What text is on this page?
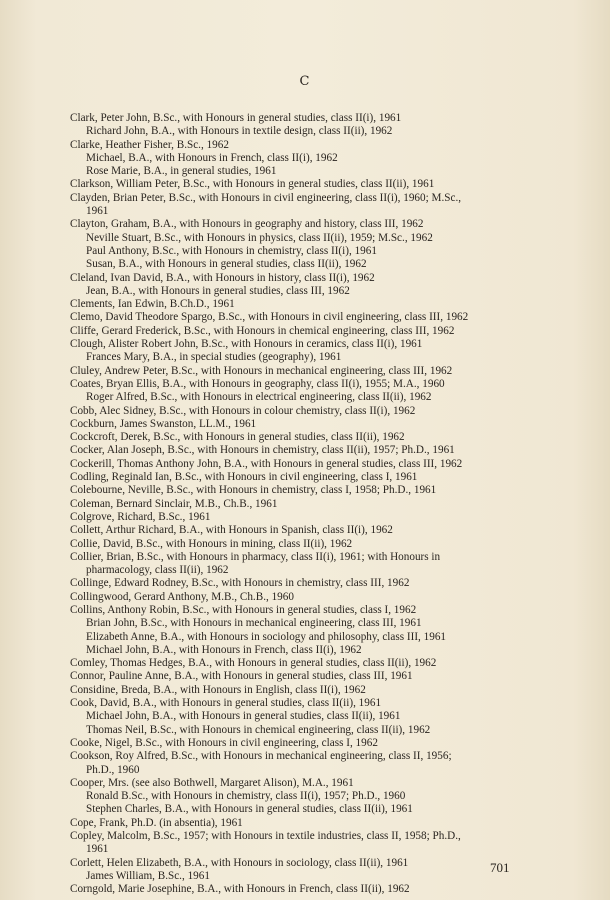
C
Clark, Peter John, B.Sc., with Honours in general studies, class II(i), 1961
Richard John, B.A., with Honours in textile design, class II(ii), 1962
Clarke, Heather Fisher, B.Sc., 1962
Michael, B.A., with Honours in French, class II(i), 1962
Rose Marie, B.A., in general studies, 1961
Clarkson, William Peter, B.Sc., with Honours in general studies, class II(ii), 1961
Clayden, Brian Peter, B.Sc., with Honours in civil engineering, class II(i), 1960; M.Sc.,
1961
Clayton, Graham, B.A., with Honours in geography and history, class III, 1962
Neville Stuart, B.Sc., with Honours in physics, class II(ii), 1959; M.Sc., 1962
Paul Anthony, B.Sc., with Honours in chemistry, class II(i), 1961
Susan, B.A., with Honours in general studies, class II(ii), 1962
Cleland, Ivan David, B.A., with Honours in history, class II(i), 1962
Jean, B.A., with Honours in general studies, class III, 1962
Clements, Ian Edwin, B.Ch.D., 1961
Clemo, David Theodore Spargo, B.Sc., with Honours in civil engineering, class III, 1962
Cliffe, Gerard Frederick, B.Sc., with Honours in chemical engineering, class III, 1962
Clough, Alister Robert John, B.Sc., with Honours in ceramics, class II(i), 1961
Frances Mary, B.A., in special studies (geography), 1961
Cluley, Andrew Peter, B.Sc., with Honours in mechanical engineering, class III, 1962
Coates, Bryan Ellis, B.A., with Honours in geography, class II(i), 1955; M.A., 1960
Roger Alfred, B.Sc., with Honours in electrical engineering, class II(ii), 1962
Cobb, Alec Sidney, B.Sc., with Honours in colour chemistry, class II(i), 1962
Cockburn, James Swanston, LL.M., 1961
Cockcroft, Derek, B.Sc., with Honours in general studies, class II(ii), 1962
Cocker, Alan Joseph, B.Sc., with Honours in chemistry, class II(ii), 1957; Ph.D., 1961
Cockerill, Thomas Anthony John, B.A., with Honours in general studies, class III, 1962
Codling, Reginald Ian, B.Sc., with Honours in civil engineering, class I, 1961
Colebourne, Neville, B.Sc., with Honours in chemistry, class I, 1958; Ph.D., 1961
Coleman, Bernard Sinclair, M.B., Ch.B., 1961
Colgrove, Richard, B.Sc., 1961
Collett, Arthur Richard, B.A., with Honours in Spanish, class II(i), 1962
Collie, David, B.Sc., with Honours in mining, class II(ii), 1962
Collier, Brian, B.Sc., with Honours in pharmacy, class II(i), 1961; with Honours in
pharmacology, class II(ii), 1962
Collinge, Edward Rodney, B.Sc., with Honours in chemistry, class III, 1962
Collingwood, Gerard Anthony, M.B., Ch.B., 1960
Collins, Anthony Robin, B.Sc., with Honours in general studies, class I, 1962
Brian John, B.Sc., with Honours in mechanical engineering, class III, 1961
Elizabeth Anne, B.A., with Honours in sociology and philosophy, class III, 1961
Michael John, B.A., with Honours in French, class II(i), 1962
Comley, Thomas Hedges, B.A., with Honours in general studies, class II(ii), 1962
Connor, Pauline Anne, B.A., with Honours in general studies, class III, 1961
Considine, Breda, B.A., with Honours in English, class II(i), 1962
Cook, David, B.A., with Honours in general studies, class II(ii), 1961
Michael John, B.A., with Honours in general studies, class II(ii), 1961
Thomas Neil, B.Sc., with Honours in chemical engineering, class II(ii), 1962
Cooke, Nigel, B.Sc., with Honours in civil engineering, class I, 1962
Cookson, Roy Alfred, B.Sc., with Honours in mechanical engineering, class II, 1956;
Ph.D., 1960
Cooper, Mrs. (see also Bothwell, Margaret Alison), M.A., 1961
Ronald B.Sc., with Honours in chemistry, class II(i), 1957; Ph.D., 1960
Stephen Charles, B.A., with Honours in general studies, class II(ii), 1961
Cope, Frank, Ph.D. (in absentia), 1961
Copley, Malcolm, B.Sc., 1957; with Honours in textile industries, class II, 1958; Ph.D.,
1961
Corlett, Helen Elizabeth, B.A., with Honours in sociology, class II(ii), 1961
James William, B.Sc., 1961
Corngold, Marie Josephine, B.A., with Honours in French, class II(ii), 1962
701
